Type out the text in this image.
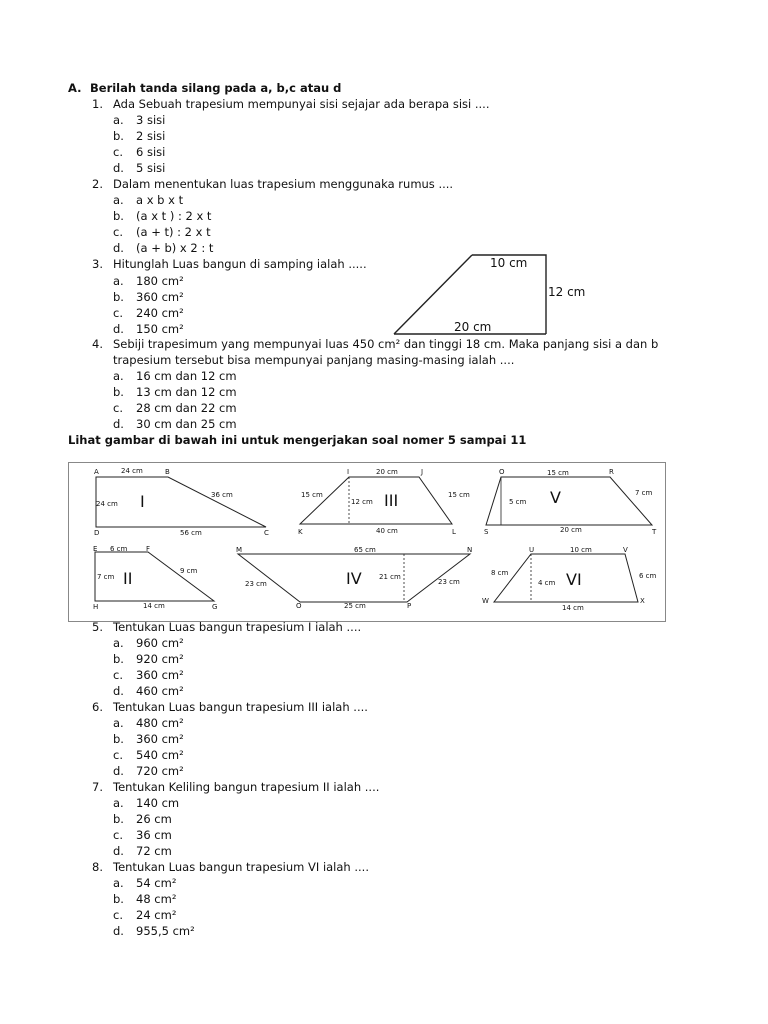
A. Berilah tanda silang pada a, b,c atau d
1. Ada Sebuah trapesium mempunyai sisi sejajar ada berapa sisi ....
a. 3 sisi
b. 2 sisi
c. 6 sisi
d. 5 sisi
2. Dalam menentukan luas trapesium menggunaka rumus ....
a. a x b x t
b. (a x t ) : 2 x t
c. (a + t) : 2 x t
d. (a + b) x 2 : t
3. Hitunglah Luas bangun di samping ialah .....
a. 180 cm²
b. 360 cm²
c. 240 cm²
d. 150 cm²
10 cm
12 cm
20 cm
4. Sebiji trapesimum yang mempunyai luas 450 cm² dan tinggi 18 cm. Maka panjang sisi a dan b
trapesium tersebut bisa mempunyai panjang masing-masing ialah ....
a. 16 cm dan 12 cm
b. 13 cm dan 12 cm
c. 28 cm dan 22 cm
d. 30 cm dan 25 cm
Lihat gambar di bawah ini untuk mengerjakan soal nomer 5 sampai 11
A	B
C
D
24 cm
24 cm
36 cm
56 cm
I
I	J
K	L
20 cm
15 cm	15 cm
12 cm
40 cm
III
O	R
S	T
15 cm
5 cm
7 cm
20 cm
V
E	F
G
H
6 cm
7 cm
9 cm
14 cm
II
M	N
O	P
65 cm
23 cm	23 cm
21 cm
25 cm
IV
U	V
W	X
10 cm
8 cm
4 cm
6 cm
14 cm
VI
5. Tentukan Luas bangun trapesium I ialah ....
a. 960 cm²
b. 920 cm²
c. 360 cm²
d. 460 cm²
6. Tentukan Luas bangun trapesium III ialah ....
a. 480 cm²
b. 360 cm²
c. 540 cm²
d. 720 cm²
7. Tentukan Keliling bangun trapesium II ialah ....
a. 140 cm
b. 26 cm
c. 36 cm
d. 72 cm
8. Tentukan Luas bangun trapesium VI ialah ....
a. 54 cm²
b. 48 cm²
c. 24 cm²
d. 955,5 cm²
